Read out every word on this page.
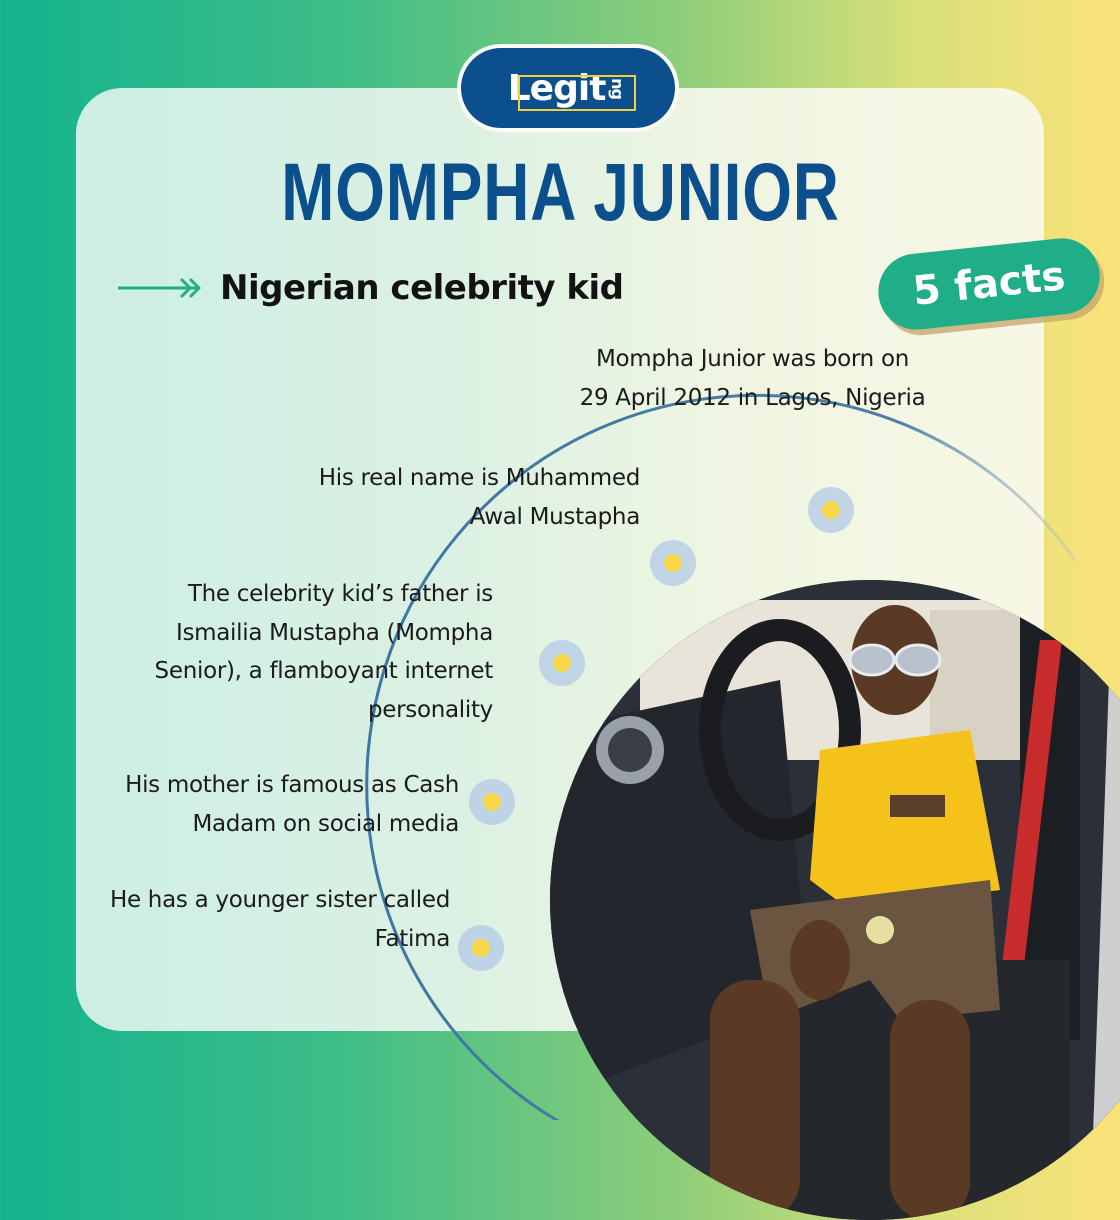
Legit ng
MOMPHA JUNIOR
Nigerian celebrity kid	5 facts
Mompha Junior was born on
29 April 2012 in Lagos, Nigeria
His real name is Muhammed
Awal Mustapha
The celebrity kid’s father is
Ismailia Mustapha (Mompha
Senior), a flamboyant internet
personality
His mother is famous as Cash
Madam on social media
He has a younger sister called
Fatima
